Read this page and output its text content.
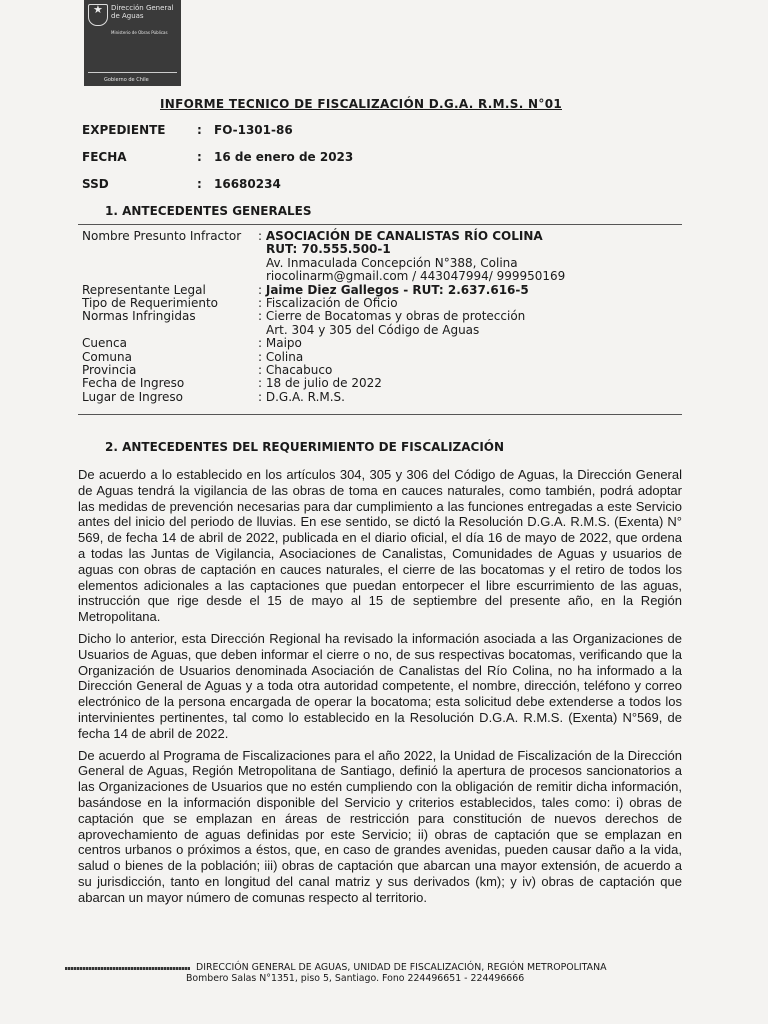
★ Dirección General de Aguas
Ministerio de Obras Públicas
Gobierno de Chile
INFORME TECNICO DE FISCALIZACIÓN D.G.A. R.M.S. N°01
EXPEDIENTE	: FO-1301-86
FECHA	: 16 de enero de 2023
SSD	: 16680234
1. ANTECEDENTES GENERALES
Nombre Presunto Infractor	: ASOCIACIÓN DE CANALISTAS RÍO COLINA
RUT: 70.555.500-1
Av. Inmaculada Concepción N°388, Colina
riocolinarm@gmail.com / 443047994/ 999950169
Representante Legal	: Jaime Diez Gallegos - RUT: 2.637.616-5
Tipo de Requerimiento	: Fiscalización de Oficio
Normas Infringidas	: Cierre de Bocatomas y obras de protección
Art. 304 y 305 del Código de Aguas
Cuenca	: Maipo
Comuna	: Colina
Provincia	: Chacabuco
Fecha de Ingreso	: 18 de julio de 2022
Lugar de Ingreso	: D.G.A. R.M.S.
2. ANTECEDENTES DEL REQUERIMIENTO DE FISCALIZACIÓN

De acuerdo a lo establecido en los artículos 304, 305 y 306 del Código de Aguas, la Dirección General de Aguas tendrá la vigilancia de las obras de toma en cauces naturales, como también, podrá adoptar las medidas de prevención necesarias para dar cumplimiento a las funciones entregadas a este Servicio antes del inicio del periodo de lluvias. En ese sentido, se dictó la Resolución D.G.A. R.M.S. (Exenta) N° 569, de fecha 14 de abril de 2022, publicada en el diario oficial, el día 16 de mayo de 2022, que ordena a todas las Juntas de Vigilancia, Asociaciones de Canalistas, Comunidades de Aguas y usuarios de aguas con obras de captación en cauces naturales, el cierre de las bocatomas y el retiro de todos los elementos adicionales a las captaciones que puedan entorpecer el libre escurrimiento de las aguas, instrucción que rige desde el 15 de mayo al 15 de septiembre del presente año, en la Región Metropolitana.

Dicho lo anterior, esta Dirección Regional ha revisado la información asociada a las Organizaciones de Usuarios de Aguas, que deben informar el cierre o no, de sus respectivas bocatomas, verificando que la Organización de Usuarios denominada Asociación de Canalistas del Río Colina, no ha informado a la Dirección General de Aguas y a toda otra autoridad competente, el nombre, dirección, teléfono y correo electrónico de la persona encargada de operar la bocatoma; esta solicitud debe extenderse a todos los intervinientes pertinentes, tal como lo establecido en la Resolución D.G.A. R.M.S. (Exenta) N°569, de fecha 14 de abril de 2022.

De acuerdo al Programa de Fiscalizaciones para el año 2022, la Unidad de Fiscalización de la Dirección General de Aguas, Región Metropolitana de Santiago, definió la apertura de procesos sancionatorios a las Organizaciones de Usuarios que no estén cumpliendo con la obligación de remitir dicha información, basándose en la información disponible del Servicio y criterios establecidos, tales como: i) obras de captación que se emplazan en áreas de restricción para constitución de nuevos derechos de aprovechamiento de aguas definidas por este Servicio; ii) obras de captación que se emplazan en centros urbanos o próximos a éstos, que, en caso de grandes avenidas, pueden causar daño a la vida, salud o bienes de la población; iii) obras de captación que abarcan una mayor extensión, de acuerdo a su jurisdicción, tanto en longitud del canal matriz y sus derivados (km); y iv) obras de captación que abarcan un mayor número de comunas respecto al territorio.

DIRECCIÓN GENERAL DE AGUAS, UNIDAD DE FISCALIZACIÓN, REGIÓN METROPOLITANA
Bombero Salas N°1351, piso 5, Santiago. Fono 224496651 - 224496666
